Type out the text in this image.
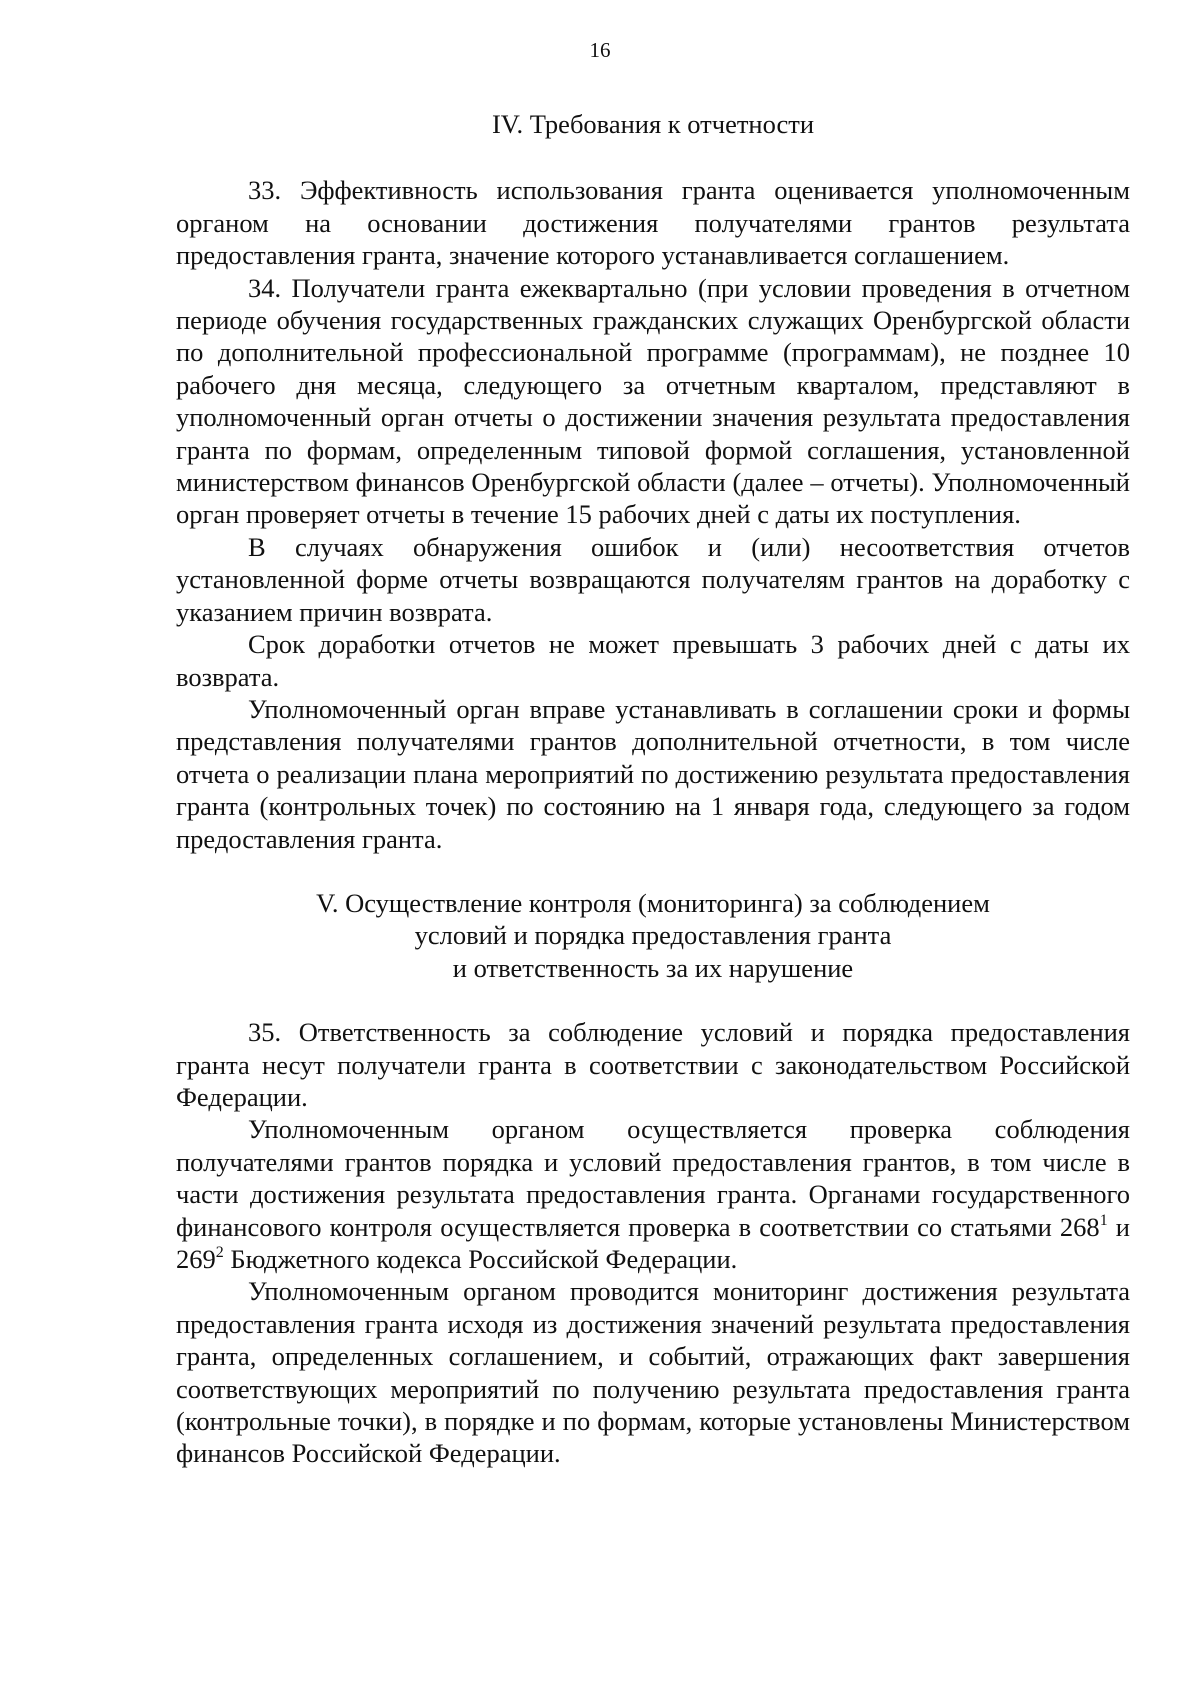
16
IV. Требования к отчетности

33. Эффективность использования гранта оценивается уполномоченным органом на основании достижения получателями грантов результата предоставления гранта, значение которого устанавливается соглашением.

34. Получатели гранта ежеквартально (при условии проведения в отчетном периоде обучения государственных гражданских служащих Оренбургской области по дополнительной профессиональной программе (программам), не позднее 10 рабочего дня месяца, следующего за отчетным кварталом, представляют в уполномоченный орган отчеты о достижении значения результата предоставления гранта по формам, определенным типовой формой соглашения, установленной министерством финансов Оренбургской области (далее – отчеты). Уполномоченный орган проверяет отчеты в течение 15 рабочих дней с даты их поступления.

В случаях обнаружения ошибок и (или) несоответствия отчетов установленной форме отчеты возвращаются получателям грантов на доработку с указанием причин возврата.

Срок доработки отчетов не может превышать 3 рабочих дней с даты их возврата.

Уполномоченный орган вправе устанавливать в соглашении сроки и формы представления получателями грантов дополнительной отчетности, в том числе отчета о реализации плана мероприятий по достижению результата предоставления гранта (контрольных точек) по состоянию на 1 января года, следующего за годом предоставления гранта.

V. Осуществление контроля (мониторинга) за соблюдением
условий и порядка предоставления гранта
и ответственность за их нарушение

35. Ответственность за соблюдение условий и порядка предоставления гранта несут получатели гранта в соответствии с законодательством Российской Федерации.

Уполномоченным органом осуществляется проверка соблюдения получателями грантов порядка и условий предоставления грантов, в том числе в части достижения результата предоставления гранта. Органами государственного финансового контроля осуществляется проверка в соответствии со статьями $268^1$ и $269^2$ Бюджетного кодекса Российской Федерации.

Уполномоченным органом проводится мониторинг достижения результата предоставления гранта исходя из достижения значений результата предоставления гранта, определенных соглашением, и событий, отражающих факт завершения соответствующих мероприятий по получению результата предоставления гранта (контрольные точки), в порядке и по формам, которые установлены Министерством финансов Российской Федерации.
